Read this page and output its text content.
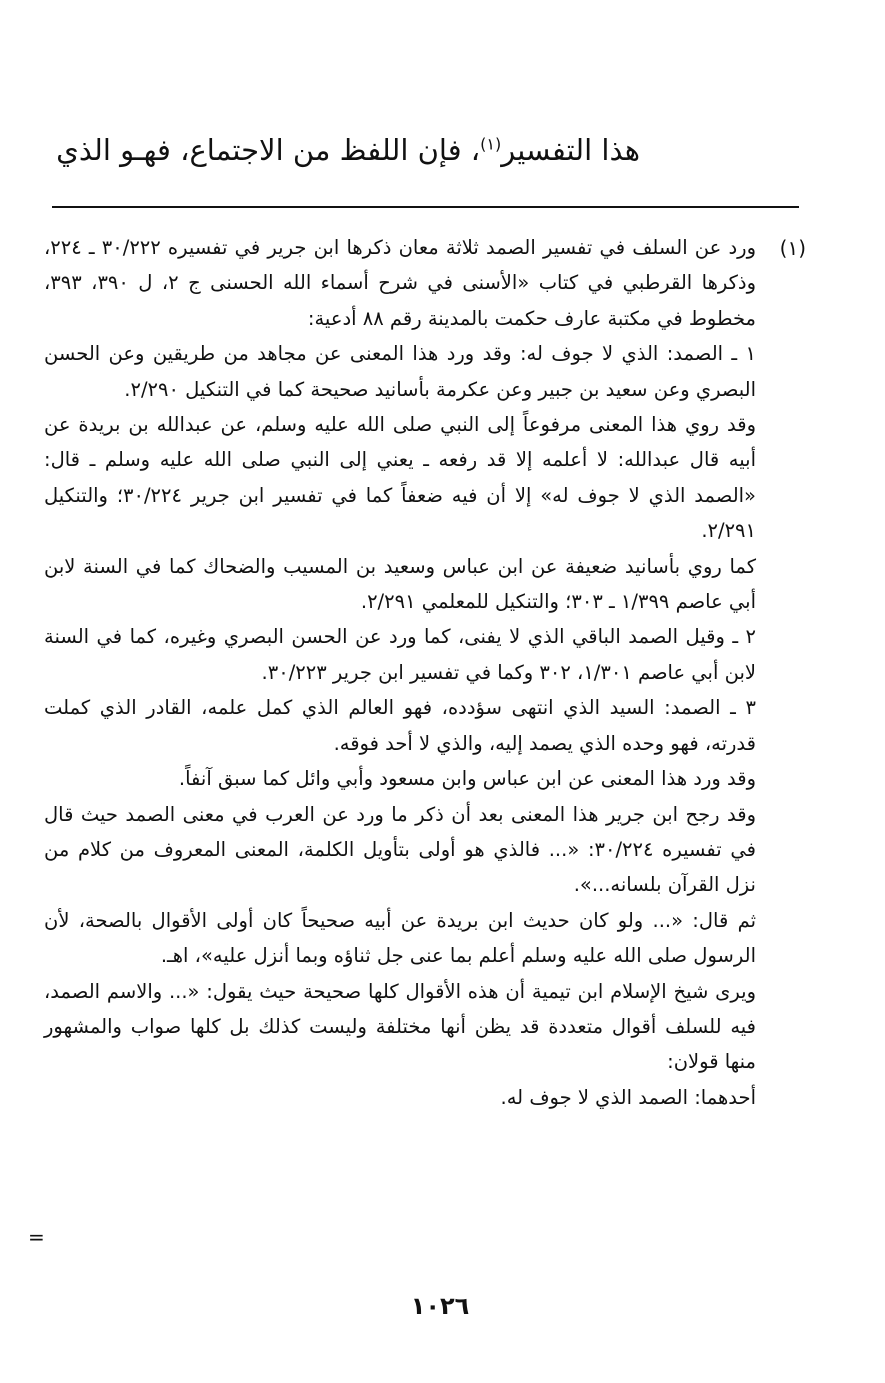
هذا التفسير$^{(١)}$، فإن اللفظ من الاجتماع، فهـو الذي
(١)

ورد عن السلف في تفسير الصمد ثلاثة معان ذكرها ابن جرير في تفسيره ٣٠/٢٢٢ ـ ٢٢٤، وذكرها القرطبي في كتاب «الأسنى في شرح أسماء الله الحسنى ج ٢، ل ٣٩٠، ٣٩٣، مخطوط في مكتبة عارف حكمت بالمدينة رقم ٨٨ أدعية:

١ ـ الصمد: الذي لا جوف له: وقد ورد هذا المعنى عن مجاهد من طريقين وعن الحسن البصري وعن سعيد بن جبير وعن عكرمة بأسانيد صحيحة كما في التنكيل ٢/٢٩٠.

وقد روي هذا المعنى مرفوعاً إلى النبي صلى الله عليه وسلم، عن عبدالله بن بريدة عن أبيه قال عبدالله: لا أعلمه إلا قد رفعه ـ يعني إلى النبي صلى الله عليه وسلم ـ قال: «الصمد الذي لا جوف له» إلا أن فيه ضعفاً كما في تفسير ابن جرير ٣٠/٢٢٤؛ والتنكيل ٢/٢٩١.

كما روي بأسانيد ضعيفة عن ابن عباس وسعيد بن المسيب والضحاك كما في السنة لابن أبي عاصم ١/٣٩٩ ـ ٣٠٣؛ والتنكيل للمعلمي ٢/٢٩١.

٢ ـ وقيل الصمد الباقي الذي لا يفنى، كما ورد عن الحسن البصري وغيره، كما في السنة لابن أبي عاصم ١/٣٠١، ٣٠٢ وكما في تفسير ابن جرير ٣٠/٢٢٣.

٣ ـ الصمد: السيد الذي انتهى سؤدده، فهو العالم الذي كمل علمه، القادر الذي كملت قدرته، فهو وحده الذي يصمد إليه، والذي لا أحد فوقه.

وقد ورد هذا المعنى عن ابن عباس وابن مسعود وأبي وائل كما سبق آنفاً.

وقد رجح ابن جرير هذا المعنى بعد أن ذكر ما ورد عن العرب في معنى الصمد حيث قال في تفسيره ٣٠/٢٢٤: «... فالذي هو أولى بتأويل الكلمة، المعنى المعروف من كلام من نزل القرآن بلسانه...».

ثم قال: «... ولو كان حديث ابن بريدة عن أبيه صحيحاً كان أولى الأقوال بالصحة، لأن الرسول صلى الله عليه وسلم أعلم بما عنى جل ثناؤه وبما أنزل عليه»، اهـ.

ويرى شيخ الإسلام ابن تيمية أن هذه الأقوال كلها صحيحة حيث يقول: «... والاسم الصمد، فيه للسلف أقوال متعددة قد يظن أنها مختلفة وليست كذلك بل كلها صواب والمشهور منها قولان:

أحدهما: الصمد الذي لا جوف له.

=
١٠٢٦
